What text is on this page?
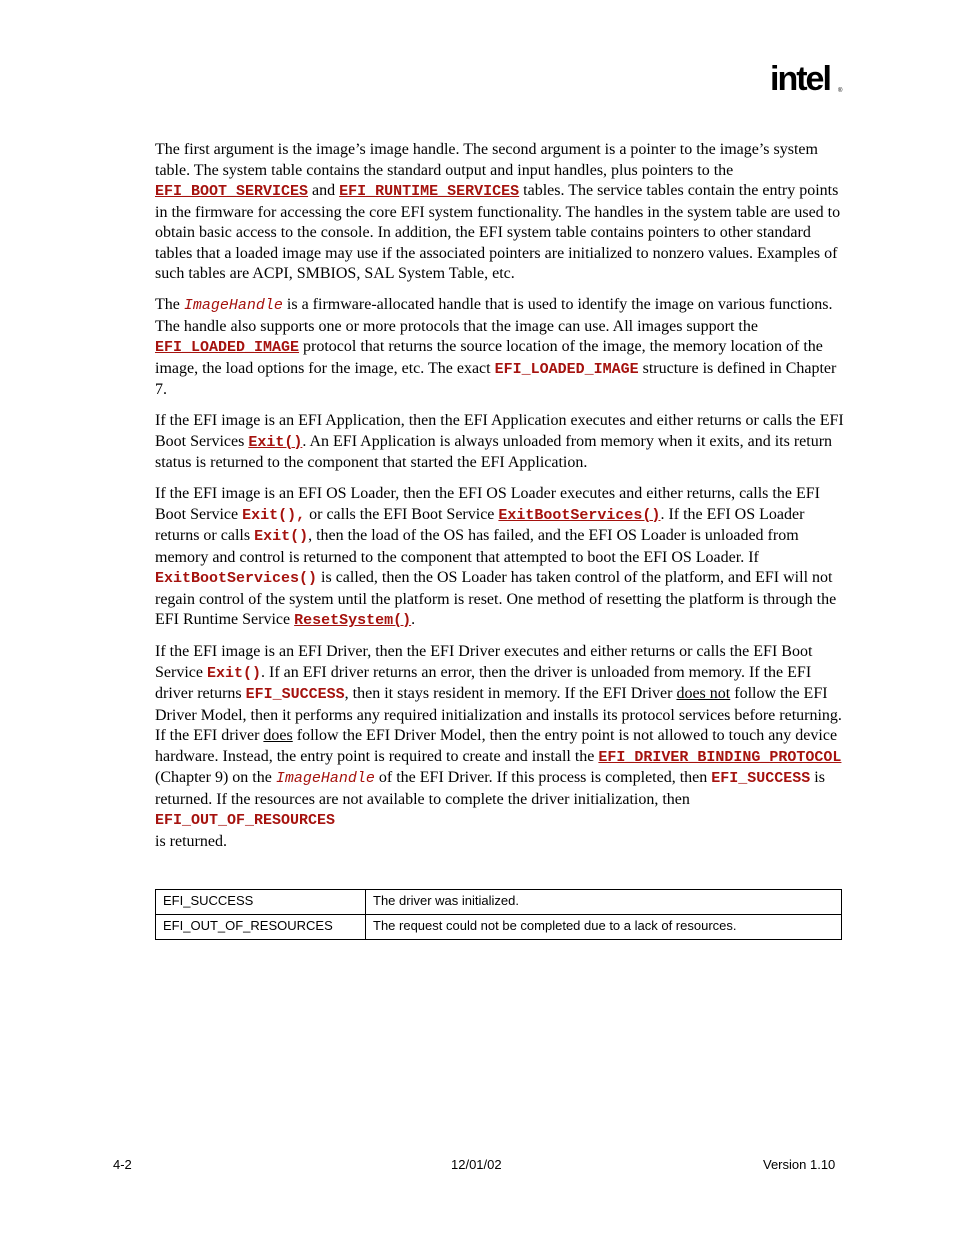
intel ®

The first argument is the image’s image handle. The second argument is a pointer to the image’s system table. The system table contains the standard output and input handles, plus pointers to the EFI_BOOT_SERVICES and EFI_RUNTIME_SERVICES tables. The service tables contain the entry points in the firmware for accessing the core EFI system functionality. The handles in the system table are used to obtain basic access to the console. In addition, the EFI system table contains pointers to other standard tables that a loaded image may use if the associated pointers are initialized to nonzero values. Examples of such tables are ACPI, SMBIOS, SAL System Table, etc.

The ImageHandle is a firmware-allocated handle that is used to identify the image on various functions. The handle also supports one or more protocols that the image can use. All images support the EFI_LOADED_IMAGE protocol that returns the source location of the image, the memory location of the image, the load options for the image, etc. The exact EFI_LOADED_IMAGE structure is defined in Chapter 7.

If the EFI image is an EFI Application, then the EFI Application executes and either returns or calls the EFI Boot Services Exit(). An EFI Application is always unloaded from memory when it exits, and its return status is returned to the component that started the EFI Application.

If the EFI image is an EFI OS Loader, then the EFI OS Loader executes and either returns, calls the EFI Boot Service Exit(), or calls the EFI Boot Service ExitBootServices(). If the EFI OS Loader returns or calls Exit(), then the load of the OS has failed, and the EFI OS Loader is unloaded from memory and control is returned to the component that attempted to boot the EFI OS Loader. If ExitBootServices() is called, then the OS Loader has taken control of the platform, and EFI will not regain control of the system until the platform is reset. One method of resetting the platform is through the EFI Runtime Service ResetSystem().

If the EFI image is an EFI Driver, then the EFI Driver executes and either returns or calls the EFI Boot Service Exit(). If an EFI driver returns an error, then the driver is unloaded from memory. If the EFI driver returns EFI_SUCCESS, then it stays resident in memory. If the EFI Driver does not follow the EFI Driver Model, then it performs any required initialization and installs its protocol services before returning. If the EFI driver does follow the EFI Driver Model, then the entry point is not allowed to touch any device hardware. Instead, the entry point is required to create and install the EFI_DRIVER_BINDING_PROTOCOL (Chapter 9) on the ImageHandle of the EFI Driver. If this process is completed, then EFI_SUCCESS is returned. If the resources are not available to complete the driver initialization, then EFI_OUT_OF_RESOURCES
is returned.

EFI_SUCCESS	The driver was initialized.
EFI_OUT_OF_RESOURCES	The request could not be completed due to a lack of resources.
4-2	12/01/02	Version 1.10
